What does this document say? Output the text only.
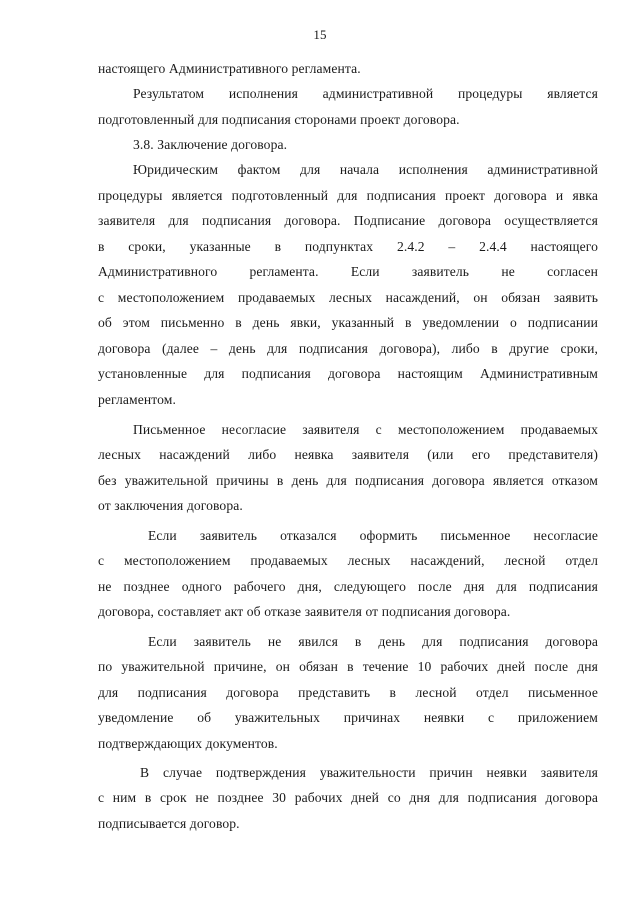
15
настоящего Административного регламента.
Результатом исполнения административной процедуры является
подготовленный для подписания сторонами проект договора.
3.8. Заключение договора.
Юридическим фактом для начала исполнения административной
процедуры является подготовленный для подписания проект договора и явка
заявителя для подписания договора. Подписание договора осуществляется
в сроки, указанные в подпунктах 2.4.2 – 2.4.4 настоящего
Административного регламента. Если заявитель не согласен
с местоположением продаваемых лесных насаждений, он обязан заявить
об этом письменно в день явки, указанный в уведомлении о подписании
договора (далее – день для подписания договора), либо в другие сроки,
установленные для подписания договора настоящим Административным
регламентом.
Письменное несогласие заявителя с местоположением продаваемых
лесных насаждений либо неявка заявителя (или его представителя)
без уважительной причины в день для подписания договора является отказом
от заключения договора.
Если заявитель отказался оформить письменное несогласие
с местоположением продаваемых лесных насаждений, лесной отдел
не позднее одного рабочего дня, следующего после дня для подписания
договора, составляет акт об отказе заявителя от подписания договора.
Если заявитель не явился в день для подписания договора
по уважительной причине, он обязан в течение 10 рабочих дней после дня
для подписания договора представить в лесной отдел письменное
уведомление об уважительных причинах неявки с приложением
подтверждающих документов.
В случае подтверждения уважительности причин неявки заявителя
с ним в срок не позднее 30 рабочих дней со дня для подписания договора
подписывается договор.
